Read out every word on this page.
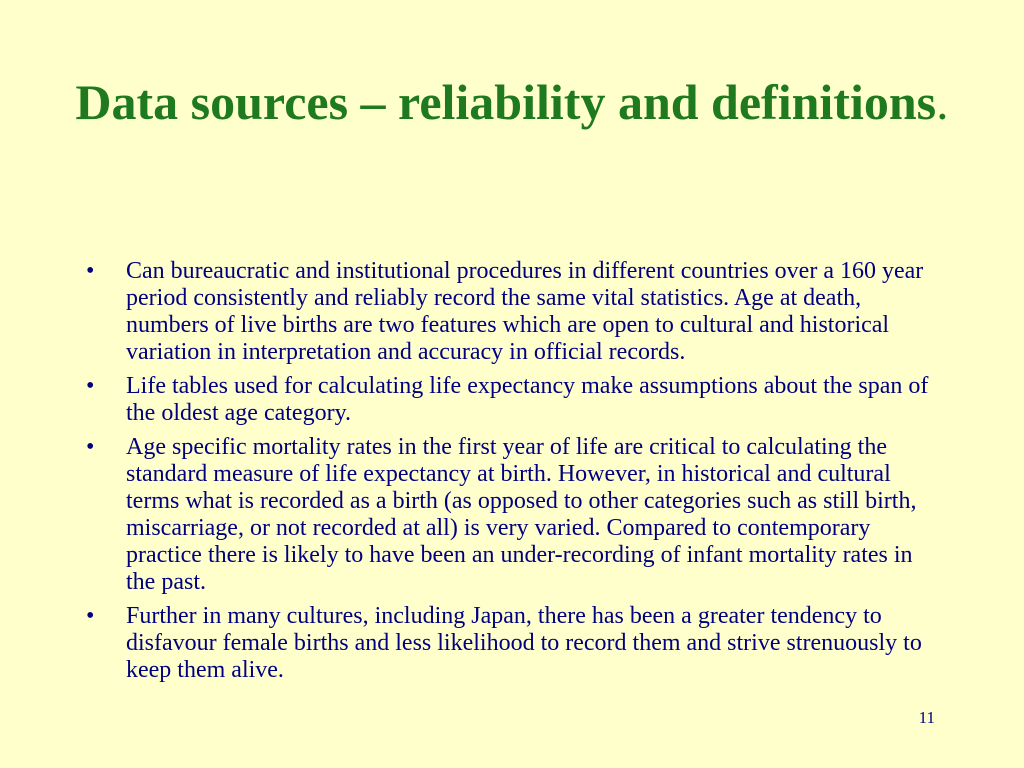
Data sources – reliability and definitions.
• Can bureaucratic and institutional procedures in different countries over a 160 year period consistently and reliably record the same vital statistics. Age at death, numbers of live births are two features which are open to cultural and historical variation in interpretation and accuracy in official records.
• Life tables used for calculating life expectancy make assumptions about the span of the oldest age category.
• Age specific mortality rates in the first year of life are critical to calculating the standard measure of life expectancy at birth. However, in historical and cultural terms what is recorded as a birth (as opposed to other categories such as still birth, miscarriage, or not recorded at all) is very varied. Compared to contemporary practice there is likely to have been an under-recording of infant mortality rates in the past.
• Further in many cultures, including Japan, there has been a greater tendency to disfavour female births and less likelihood to record them and strive strenuously to keep them alive.
11
